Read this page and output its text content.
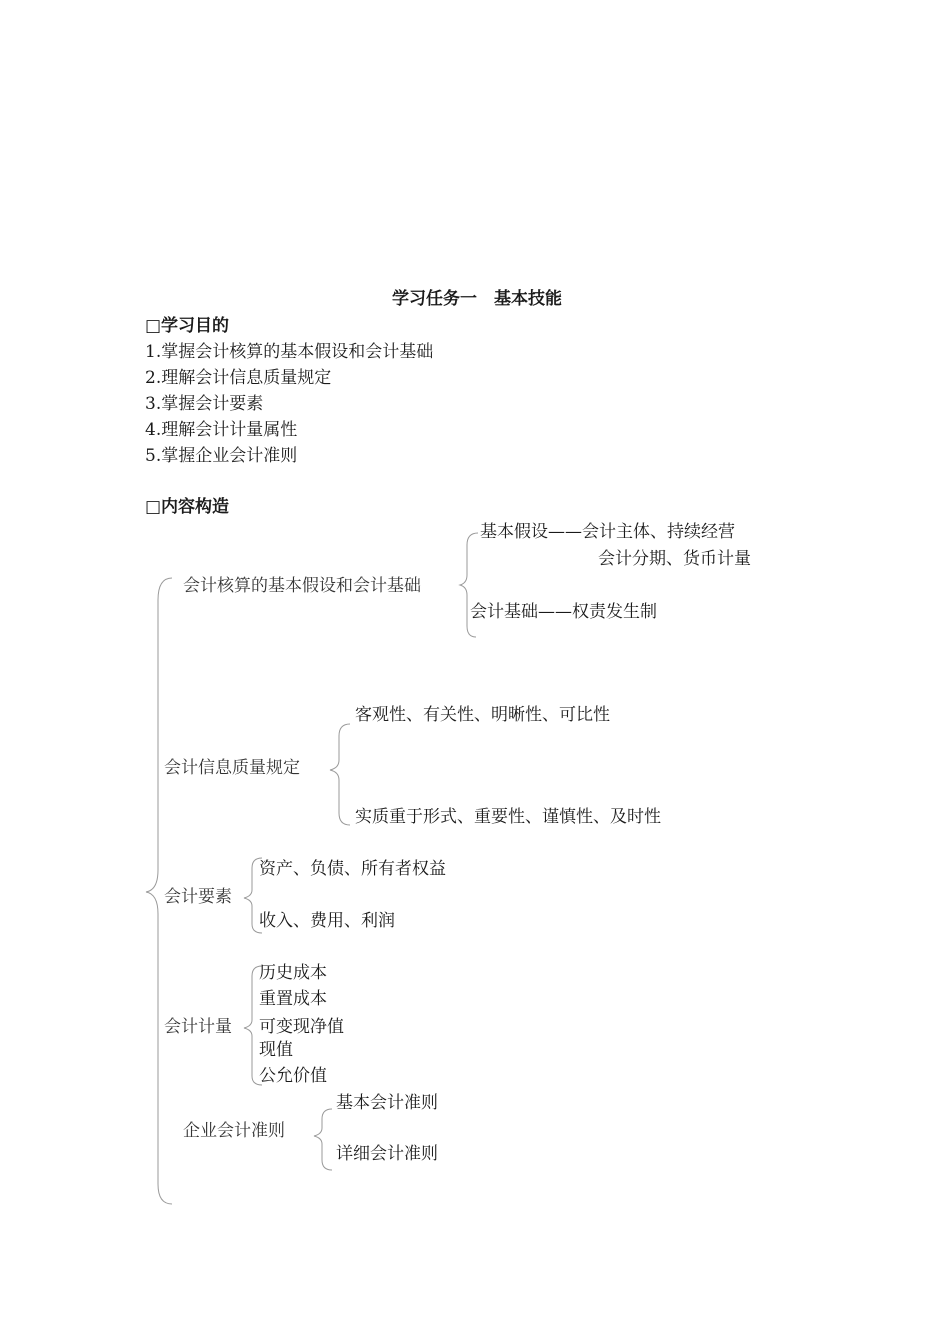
学习任务一　基本技能
□学习目的
1.掌握会计核算的基本假设和会计基础
2.理解会计信息质量规定
3.掌握会计要素
4.理解会计计量属性
5.掌握企业会计准则
□内容构造
会计核算的基本假设和会计基础
基本假设——会计主体、持续经营
会计分期、货币计量
会计基础——权责发生制
会计信息质量规定
客观性、有关性、明晰性、可比性
实质重于形式、重要性、谨慎性、及时性
会计要素
资产、负债、所有者权益
收入、费用、利润
会计计量
历史成本
重置成本
可变现净值
现值
公允价值
企业会计准则
基本会计准则
详细会计准则
